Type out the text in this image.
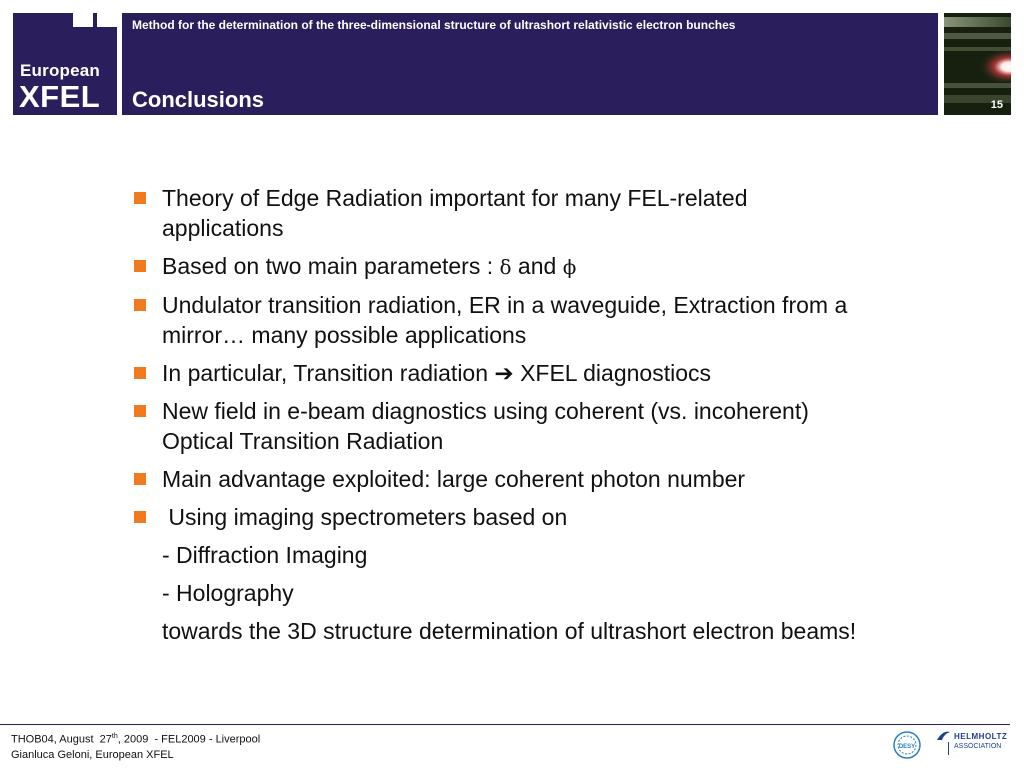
European
XFEL
Method for the determination of the three-dimensional structure of ultrashort relativistic electron bunches
Conclusions	15
Theory of Edge Radiation important for many FEL-related applications
Based on two main parameters : δ and ϕ
Undulator transition radiation, ER in a waveguide, Extraction from a mirror… many possible applications
In particular, Transition radiation ➔ XFEL diagnostiocs
New field in e-beam diagnostics using coherent (vs. incoherent) Optical Transition Radiation
Main advantage exploited: large coherent photon number
Using imaging spectrometers based on
- Diffraction Imaging
- Holography
towards the 3D structure determination of ultrashort electron beams!
THOB04, August  27th, 2009  - FEL2009 - Liverpool
Gianluca Geloni, European XFEL
DESY
HELMHOLTZ
ASSOCIATION
